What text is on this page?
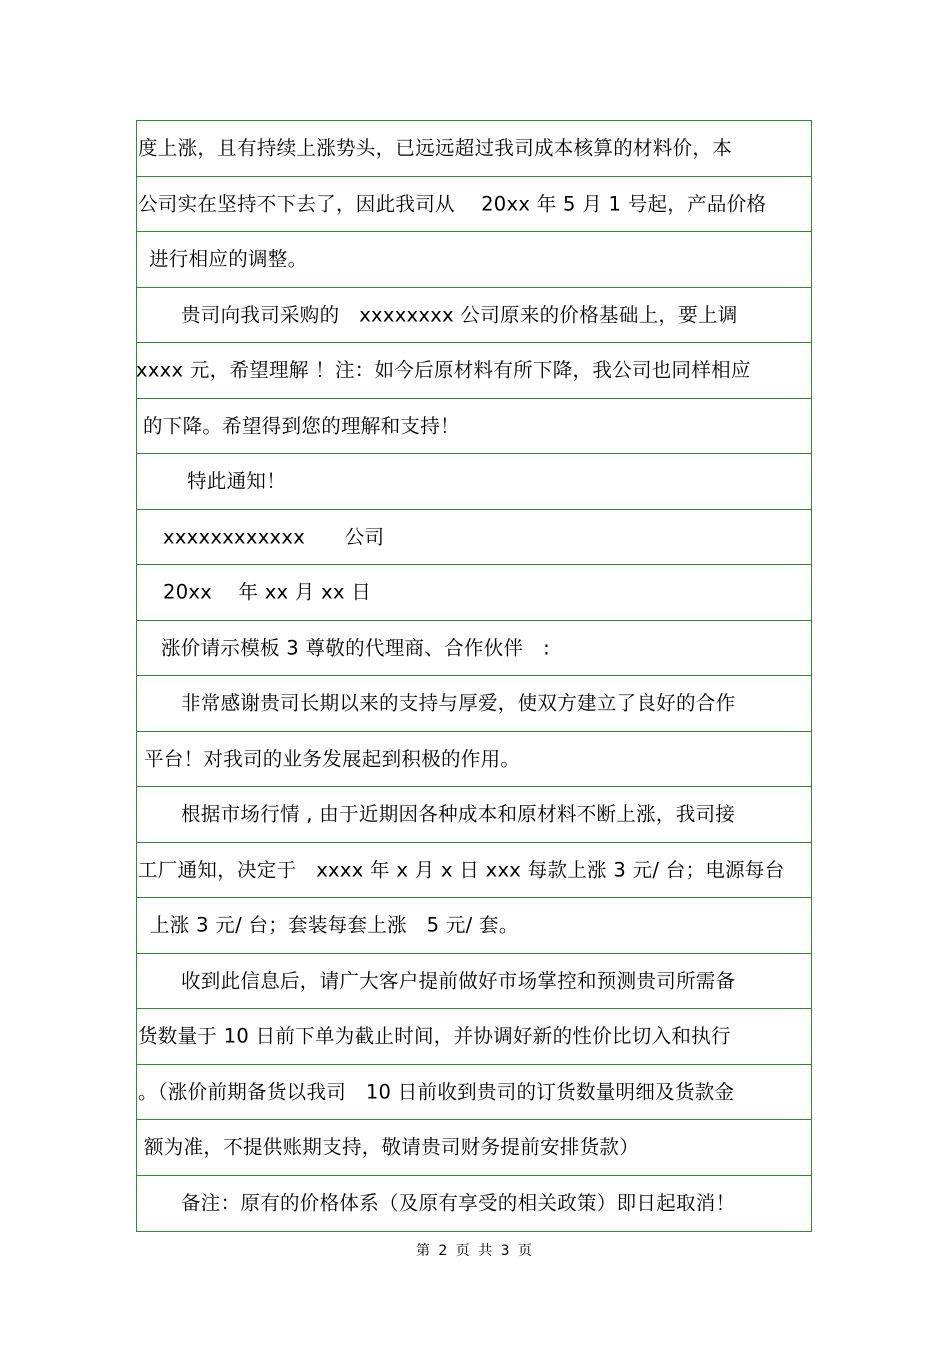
度上涨，且有持续上涨势头，已远远超过我司成本核算的材料价，本
公司实在坚持不下去了，因此我司从　 20xx 年 5 月 1 号起，产品价格
进行相应的调整。
贵司向我司采购的　xxxxxxxx 公司原来的价格基础上，要上调
xxxx 元，希望理解 ！注：如今后原材料有所下降，我公司也同样相应
的下降。希望得到您的理解和支持！
特此通知！
xxxxxxxxxxxx　　公司
20xx　 年 xx 月 xx 日
涨价请示模板 3 尊敬的代理商、合作伙伴　:
非常感谢贵司长期以来的支持与厚爱，使双方建立了良好的合作
平台！对我司的业务发展起到积极的作用。
根据市场行情 , 由于近期因各种成本和原材料不断上涨，我司接
工厂通知，决定于　xxxx 年 x 月 x 日 xxx 每款上涨 3 元/ 台；电源每台
上涨 3 元/ 台；套装每套上涨　5 元/ 套。
收到此信息后，请广大客户提前做好市场掌控和预测贵司所需备
货数量于 10 日前下单为截止时间，并协调好新的性价比切入和执行
。（涨价前期备货以我司　10 日前收到贵司的订货数量明细及货款金
额为准，不提供账期支持，敬请贵司财务提前安排货款）
备注：原有的价格体系（及原有享受的相关政策）即日起取消！
第 2 页 共 3 页
